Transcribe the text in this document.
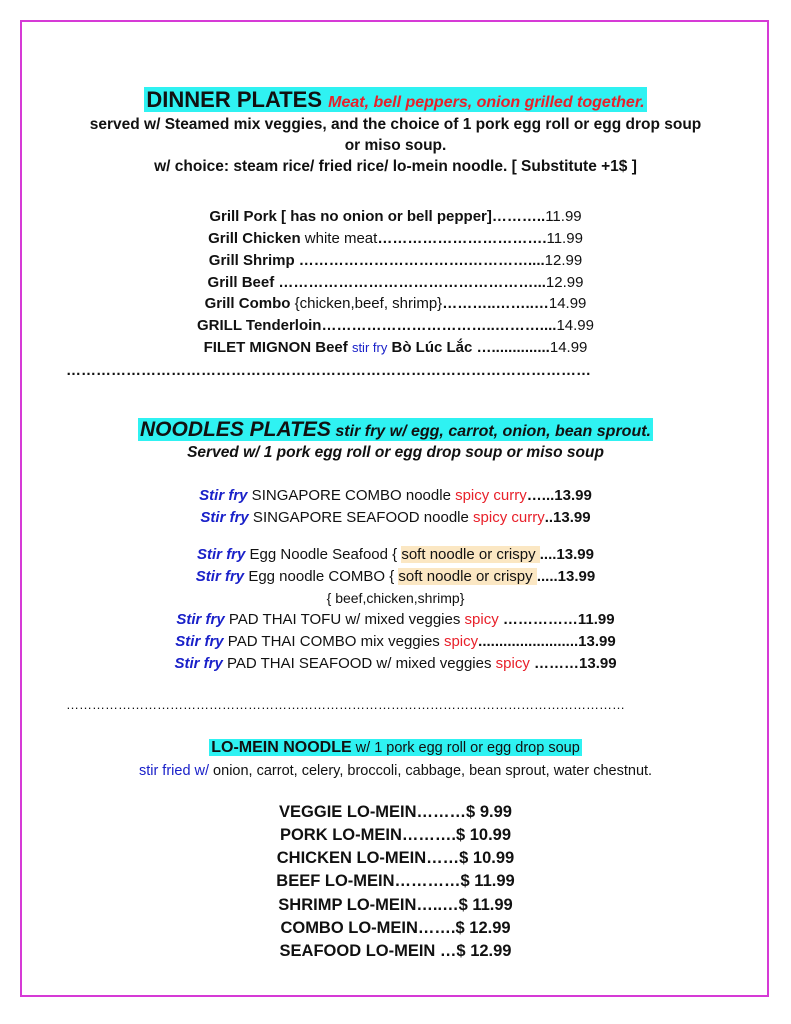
DINNER PLATES Meat, bell peppers, onion grilled together.
served w/ Steamed mix veggies, and the choice of 1 pork egg roll or egg drop soup
or miso soup.
w/ choice: steam rice/ fried rice/ lo-mein noodle. [ Substitute +1$ ]
Grill Pork [ has no onion or bell pepper]………..11.99
Grill Chicken white meat…………………………….11.99
Grill Shrimp …………………………….…………....12.99
Grill Beef ……………………………………………...12.99
Grill Combo {chicken,beef, shrimp}………..……..…14.99
GRILL Tenderloin……………………………..………....14.99
FILET MIGNON Beef stir fry Bò Lúc Lắc …..............14.99
……………………………………………………………………………………………
NOODLES PLATES stir fry w/ egg, carrot, onion, bean sprout.
Served w/ 1 pork egg roll or egg drop soup or miso soup
Stir fry SINGAPORE COMBO noodle spicy curry…...13.99
Stir fry SINGAPORE SEAFOOD noodle spicy curry..13.99
Stir fry Egg Noodle Seafood { soft noodle or crispy ....13.99
Stir fry Egg noodle COMBO { soft noodle or crispy .....13.99
{ beef,chicken,shrimp}
Stir fry PAD THAI TOFU w/ mixed veggies spicy ……………11.99
Stir fry PAD THAI COMBO mix veggies spicy........................13.99
Stir fry PAD THAI SEAFOOD w/ mixed veggies spicy ………13.99
…………………………………………………………………………………………………………………
LO-MEIN NOODLE w/ 1 pork egg roll or egg drop soup
stir fried w/ onion, carrot, celery, broccoli, cabbage, bean sprout, water chestnut.
VEGGIE LO-MEIN………$ 9.99
PORK LO-MEIN……….$ 10.99
CHICKEN LO-MEIN……$ 10.99
BEEF LO-MEIN…………$ 11.99
SHRIMP LO-MEIN…..…$ 11.99
COMBO LO-MEIN…….$ 12.99
SEAFOOD LO-MEIN …$ 12.99
